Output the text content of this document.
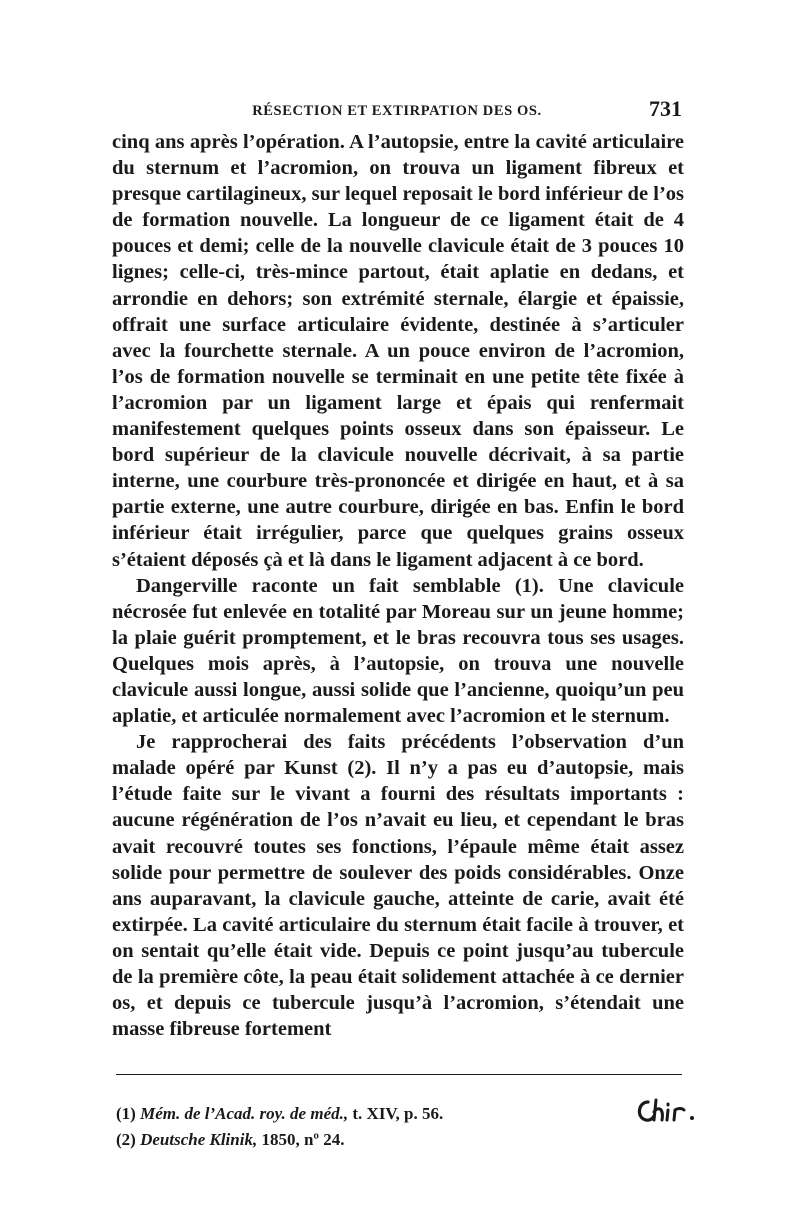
RÉSECTION ET EXTIRPATION DES OS.	731

cinq ans après l’opération. A l’autopsie, entre la cavité articulaire du sternum et l’acromion, on trouva un ligament fibreux et presque cartilagineux, sur lequel reposait le bord inférieur de l’os de formation nouvelle. La longueur de ce ligament était de 4 pouces et demi; celle de la nouvelle clavicule était de 3 pouces 10 lignes; celle-ci, très-mince partout, était aplatie en dedans, et arrondie en dehors; son extrémité sternale, élargie et épaissie, offrait une surface articulaire évidente, destinée à s’articuler avec la fourchette sternale. A un pouce environ de l’acromion, l’os de formation nouvelle se terminait en une petite tête fixée à l’acromion par un ligament large et épais qui renfermait manifestement quelques points osseux dans son épaisseur. Le bord supérieur de la clavicule nouvelle décrivait, à sa partie interne, une courbure très-prononcée et dirigée en haut, et à sa partie externe, une autre courbure, dirigée en bas. Enfin le bord inférieur était irrégulier, parce que quelques grains osseux s’étaient déposés çà et là dans le ligament adjacent à ce bord.

Dangerville raconte un fait semblable (1). Une clavicule nécrosée fut enlevée en totalité par Moreau sur un jeune homme; la plaie guérit promptement, et le bras recouvra tous ses usages. Quelques mois après, à l’autopsie, on trouva une nouvelle clavicule aussi longue, aussi solide que l’ancienne, quoiqu’un peu aplatie, et articulée normalement avec l’acromion et le sternum.

Je rapprocherai des faits précédents l’observation d’un malade opéré par Kunst (2). Il n’y a pas eu d’autopsie, mais l’étude faite sur le vivant a fourni des résultats importants : aucune régénération de l’os n’avait eu lieu, et cependant le bras avait recouvré toutes ses fonctions, l’épaule même était assez solide pour permettre de soulever des poids considérables. Onze ans auparavant, la clavicule gauche, atteinte de carie, avait été extirpée. La cavité articulaire du sternum était facile à trouver, et on sentait qu’elle était vide. Depuis ce point jusqu’au tubercule de la première côte, la peau était solidement attachée à ce dernier os, et depuis ce tubercule jusqu’à l’acromion, s’étendait une masse fibreuse fortement

(1) Mém. de l’Acad. roy. de méd., t. XIV, p. 56.
(2) Deutsche Klinik, 1850, nº 24.
